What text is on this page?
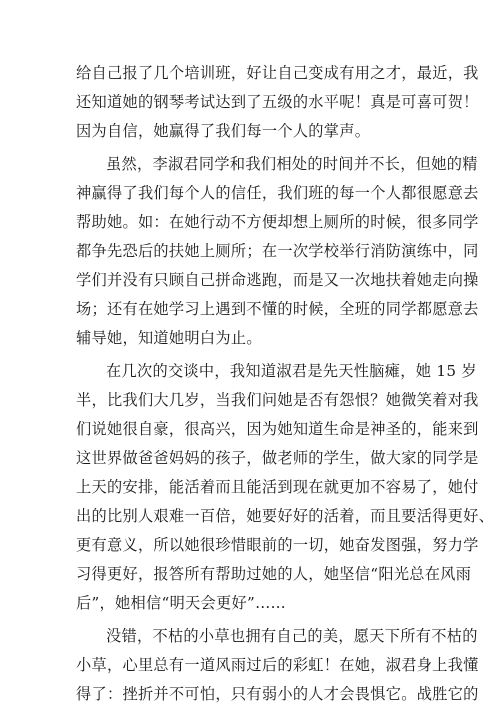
给自己报了几个培训班，好让自己变成有用之才，最近，我
还知道她的钢琴考试达到了五级的水平呢！真是可喜可贺！
因为自信，她赢得了我们每一个人的掌声。
虽然，李淑君同学和我们相处的时间并不长，但她的精
神赢得了我们每个人的信任，我们班的每一个人都很愿意去
帮助她。如：在她行动不方便却想上厕所的时候，很多同学
都争先恐后的扶她上厕所；在一次学校举行消防演练中，同
学们并没有只顾自己拼命逃跑，而是又一次地扶着她走向操
场；还有在她学习上遇到不懂的时候，全班的同学都愿意去
辅导她，知道她明白为止。
在几次的交谈中，我知道淑君是先天性脑瘫，她 15 岁
半，比我们大几岁，当我们问她是否有怨恨？她微笑着对我
们说她很自豪，很高兴，因为她知道生命是神圣的，能来到
这世界做爸爸妈妈的孩子，做老师的学生，做大家的同学是
上天的安排，能活着而且能活到现在就更加不容易了，她付
出的比别人艰难一百倍，她要好好的活着，而且要活得更好、
更有意义，所以她很珍惜眼前的一切，她奋发图强，努力学
习得更好，报答所有帮助过她的人，她坚信“阳光总在风雨
后”，她相信“明天会更好”……
没错，不枯的小草也拥有自己的美，愿天下所有不枯的
小草，心里总有一道风雨过后的彩虹！在她，淑君身上我懂
得了：挫折并不可怕，只有弱小的人才会畏惧它。战胜它的
